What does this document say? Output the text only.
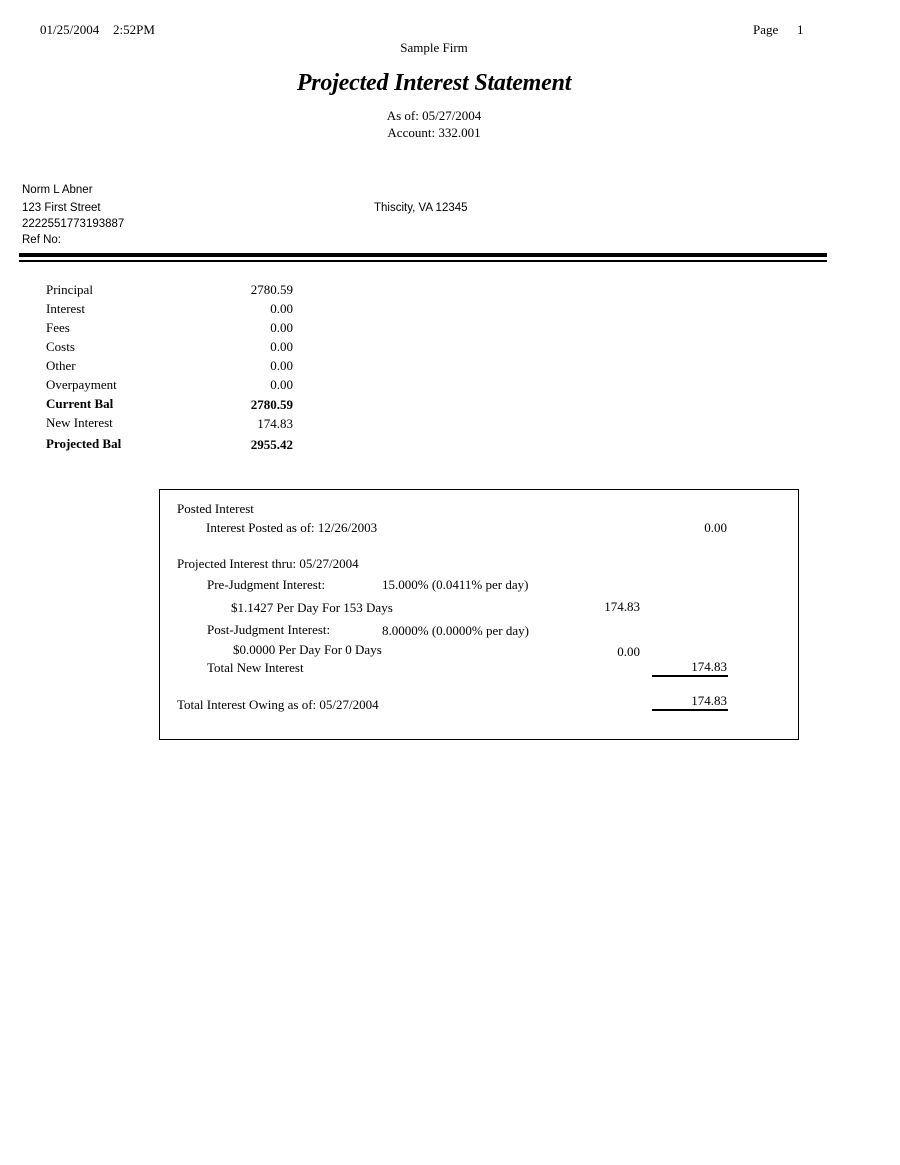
01/25/2004 2:52PM	Page 1
Sample Firm
Projected Interest Statement
As of: 05/27/2004
Account: 332.001
Norm L Abner
123 First Street
2222551773193887
Ref No:
Thiscity, VA 12345
Principal	2780.59
Interest	0.00
Fees	0.00
Costs	0.00
Other	0.00
Overpayment	0.00
Current Bal	2780.59
New Interest	174.83
Projected Bal	2955.42
Posted Interest
Interest Posted as of: 12/26/2003	0.00
Projected Interest thru: 05/27/2004
Pre-Judgment Interest:	15.000% (0.0411% per day)
$1.1427 Per Day For 153 Days	174.83
Post-Judgment Interest:	8.0000% (0.0000% per day)
$0.0000 Per Day For 0 Days	0.00
Total New Interest	174.83
Total Interest Owing as of: 05/27/2004	174.83
